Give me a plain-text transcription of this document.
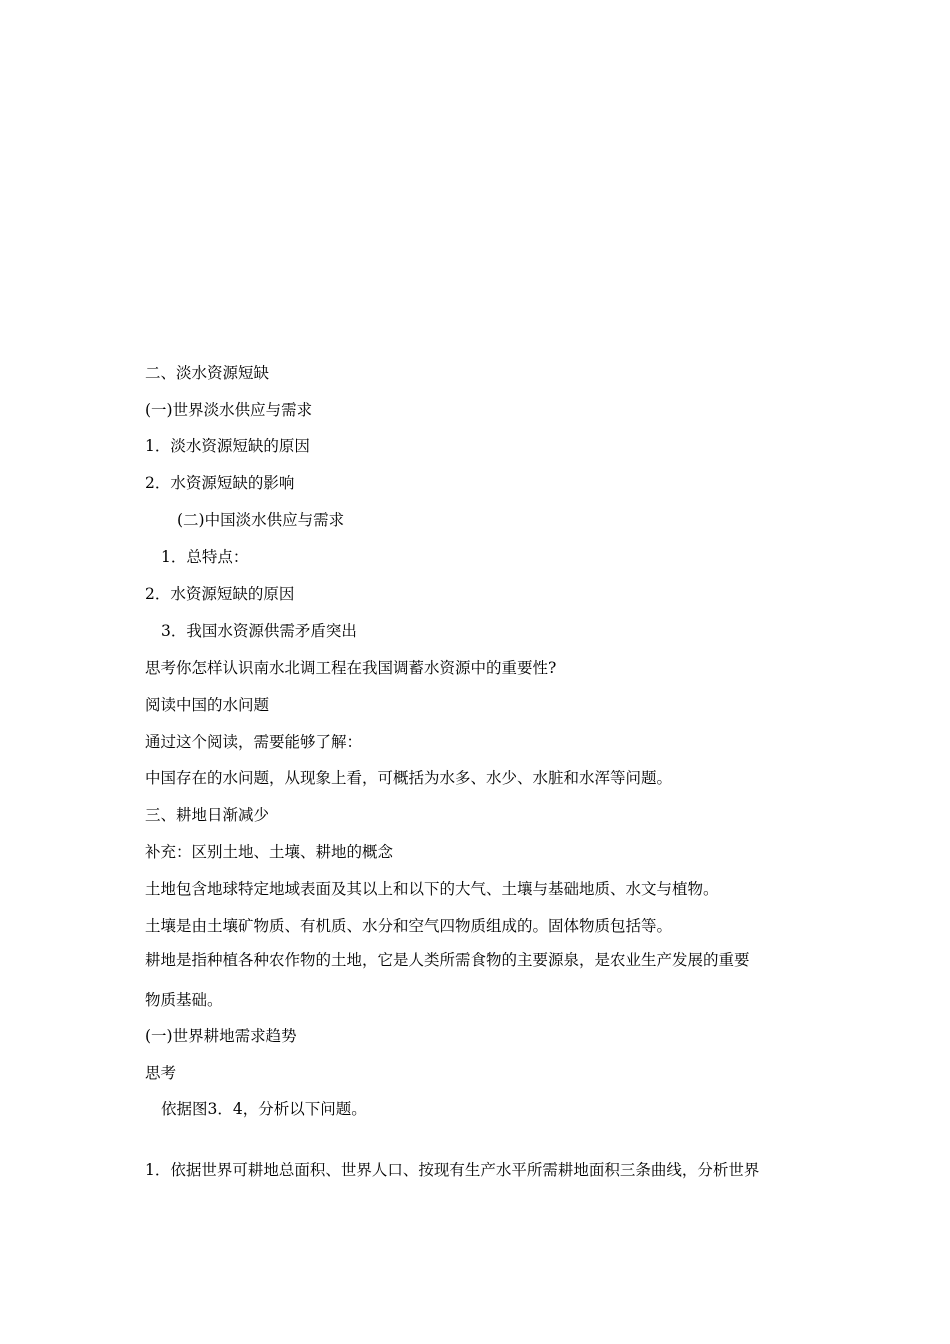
二、淡水资源短缺
(一)世界淡水供应与需求
1．淡水资源短缺的原因
2．水资源短缺的影响
(二)中国淡水供应与需求
1．总特点：
2．水资源短缺的原因
3．我国水资源供需矛盾突出
思考你怎样认识南水北调工程在我国调蓄水资源中的重要性?
阅读中国的水问题
通过这个阅读，需要能够了解：
中国存在的水问题，从现象上看，可概括为水多、水少、水脏和水浑等问题。
三、耕地日渐减少
补充：区别土地、土壤、耕地的概念
土地包含地球特定地域表面及其以上和以下的大气、土壤与基础地质、水文与植物。
土壤是由土壤矿物质、有机质、水分和空气四物质组成的。固体物质包括等。
耕地是指种植各种农作物的土地，它是人类所需食物的主要源泉，是农业生产发展的重要
物质基础。
(一)世界耕地需求趋势
思考
依据图3．4，分析以下问题。
1．依据世界可耕地总面积、世界人口、按现有生产水平所需耕地面积三条曲线，分析世界
